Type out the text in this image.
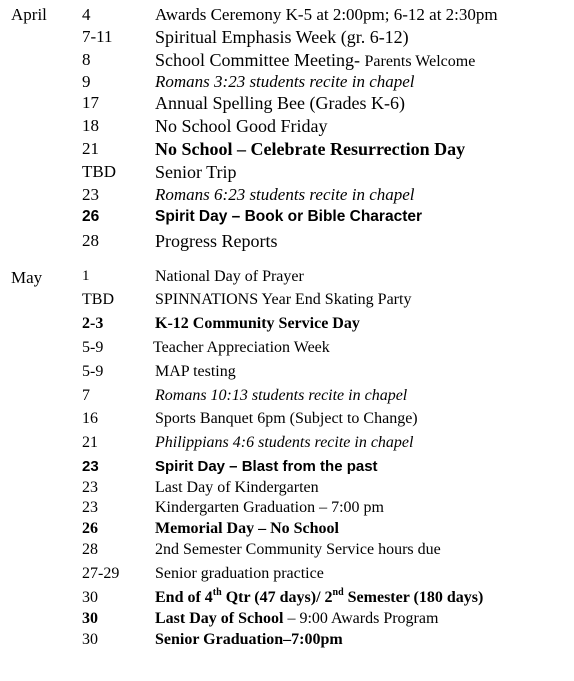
April 4	Awards Ceremony K-5 at 2:00pm; 6-12 at 2:30pm
7-11 Spiritual Emphasis Week (gr. 6-12)
8	School Committee Meeting- Parents Welcome
9	Romans 3:23 students recite in chapel
17	Annual Spelling Bee (Grades K-6)
18	No School Good Friday
21	No School – Celebrate Resurrection Day
TBD Senior Trip
23	Romans 6:23 students recite in chapel
26	Spirit Day – Book or Bible Character
28	Progress Reports
May	1	National Day of Prayer
TBD	SPINNATIONS Year End Skating Party
2-3	K-12 Community Service Day
5-9	Teacher Appreciation Week
5-9	MAP testing
7	Romans 10:13 students recite in chapel
16	Sports Banquet 6pm (Subject to Change)
21	Philippians 4:6 students recite in chapel
23	Spirit Day – Blast from the past
23	Last Day of Kindergarten
23	Kindergarten Graduation – 7:00 pm
26	Memorial Day – No School
28	2nd Semester Community Service hours due
27-29 Senior graduation practice
30	End of 4th Qtr (47 days)/ 2nd Semester (180 days)
30	Last Day of School – 9:00 Awards Program
30	Senior Graduation–7:00pm
